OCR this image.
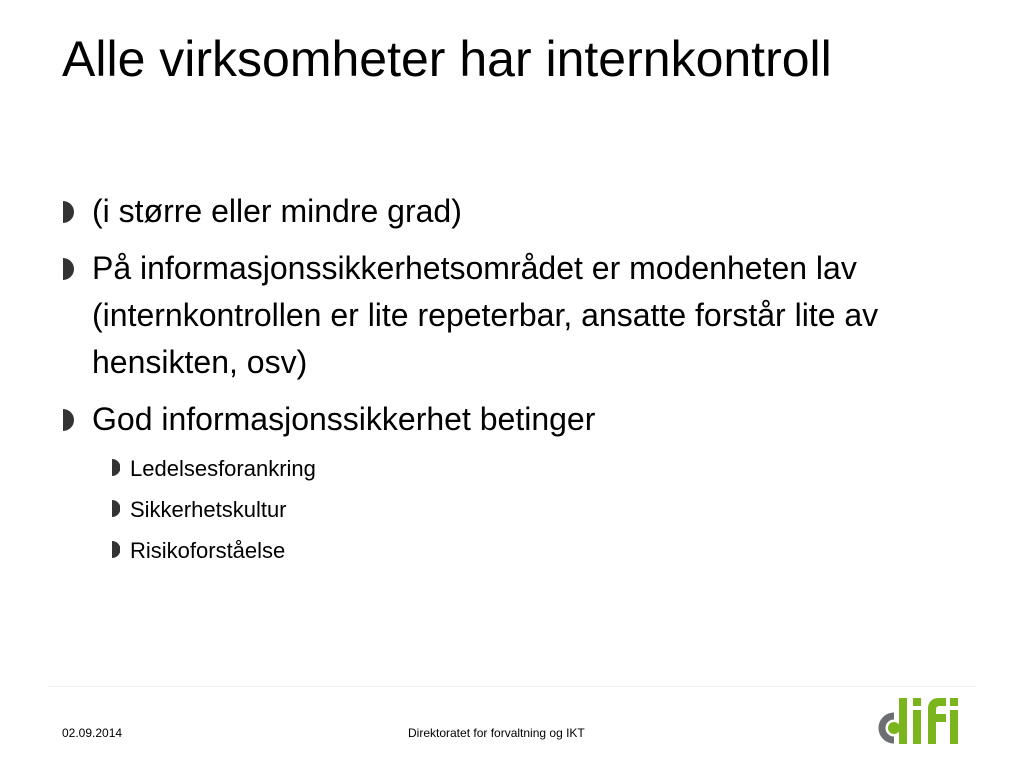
Alle virksomheter har internkontroll
(i større eller mindre grad)
På informasjonssikkerhetsområdet er modenheten lav (internkontrollen er lite repeterbar, ansatte forstår lite av hensikten, osv)
God informasjonssikkerhet betinger
Ledelsesforankring
Sikkerhetskultur
Risikoforståelse
02.09.2014	Direktoratet for forvaltning og IKT
